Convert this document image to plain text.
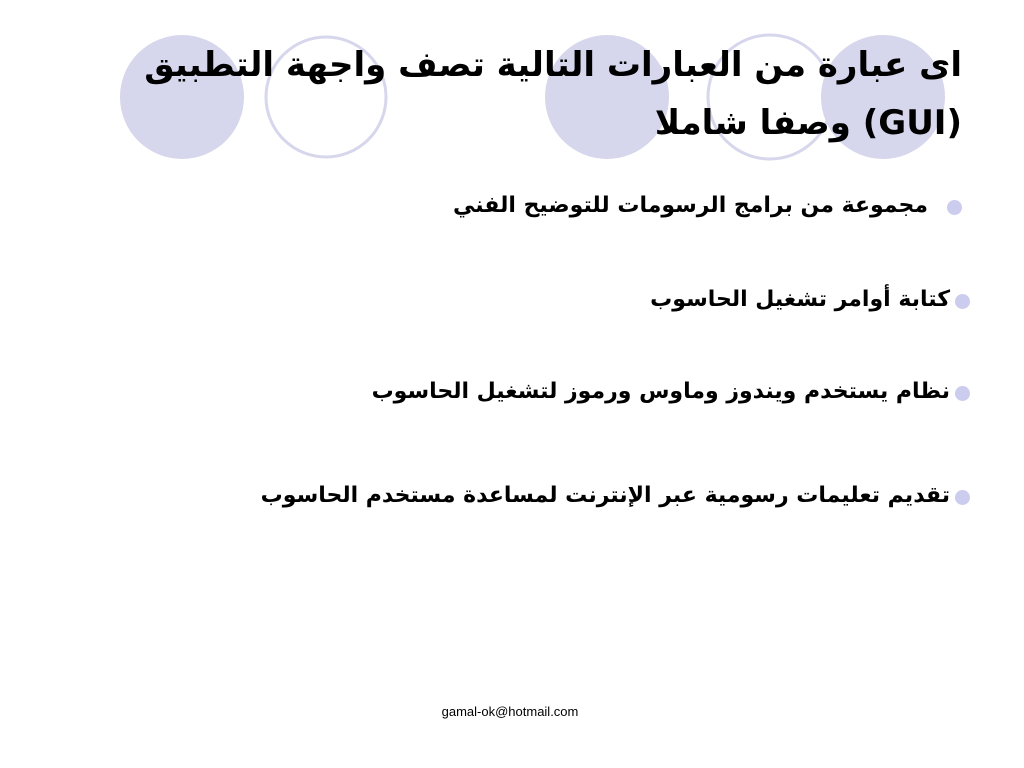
اى عبارة من العبارات التالية تصف واجهة التطبيق
(GUI) وصفا شاملا
مجموعة من برامج الرسومات للتوضيح الفني
كتابة أوامر تشغيل الحاسوب
نظام يستخدم ويندوز وماوس ورموز لتشغيل الحاسوب
تقديم تعليمات رسومية عبر الإنترنت لمساعدة مستخدم الحاسوب
gamal-ok@hotmail.com
